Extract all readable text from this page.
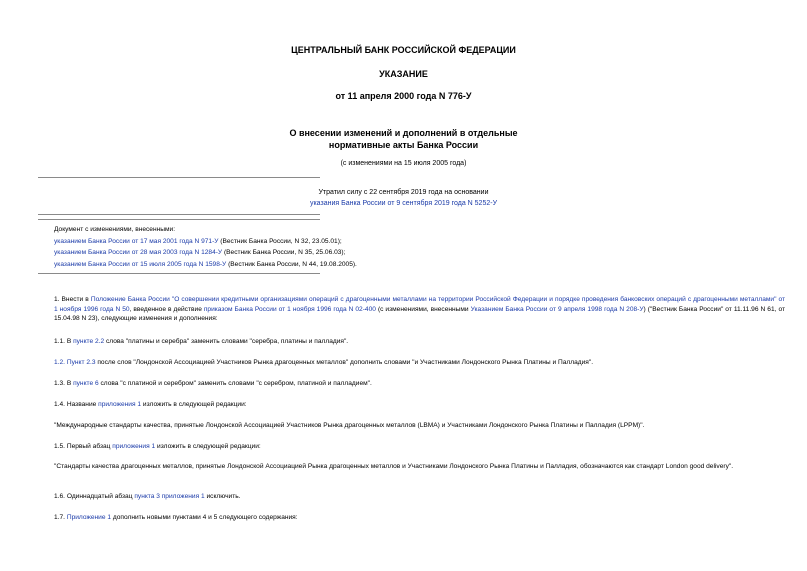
ЦЕНТРАЛЬНЫЙ БАНК РОССИЙСКОЙ ФЕДЕРАЦИИ
УКАЗАНИЕ
от 11 апреля 2000 года N 776-У
О внесении изменений и дополнений в отдельные
нормативные акты Банка России
(с изменениями на 15 июля 2005 года)
Утратил силу с 22 сентября 2019 года на основании
указания Банка России от 9 сентября 2019 года N 5252-У
Документ с изменениями, внесенными:
указанием Банка России от 17 мая 2001 года N 971-У (Вестник Банка России, N 32, 23.05.01);
указанием Банка России от 28 мая 2003 года N 1284-У (Вестник Банка России, N 35, 25.06.03);
указанием Банка России от 15 июля 2005 года N 1598-У (Вестник Банка России, N 44, 19.08.2005).
1. Внести в Положение Банка России "О совершении кредитными организациями операций с драгоценными металлами на территории Российской Федерации и порядке проведения банковских операций с драгоценными металлами" от 1 ноября 1996 года N 50, введенное в действие приказом Банка России от 1 ноября 1996 года N 02-400 (с изменениями, внесенными Указанием Банка России от 9 апреля 1998 года N 208-У) ("Вестник Банка России" от 11.11.96 N 61, от 15.04.98 N 23), следующие изменения и дополнения:
1.1. В пункте 2.2 слова "платины и серебра" заменить словами "серебра, платины и палладия".
1.2. Пункт 2.3 после слов "Лондонской Ассоциацией Участников Рынка драгоценных металлов" дополнить словами "и Участниками Лондонского Рынка Платины и Палладия".
1.3. В пункте 6 слова "с платиной и серебром" заменить словами "с серебром, платиной и палладием".
1.4. Название приложения 1 изложить в следующей редакции:
"Международные стандарты качества, принятые Лондонской Ассоциацией Участников Рынка драгоценных металлов (LBMA) и Участниками Лондонского Рынка Платины и Палладия (LPPM)".
1.5. Первый абзац приложения 1 изложить в следующей редакции:
"Стандарты качества драгоценных металлов, принятые Лондонской Ассоциацией Рынка драгоценных металлов и Участниками Лондонского Рынка Платины и Палладия, обозначаются как стандарт London good delivery".
1.6. Одиннадцатый абзац пункта 3 приложения 1 исключить.
1.7. Приложение 1 дополнить новыми пунктами 4 и 5 следующего содержания:
